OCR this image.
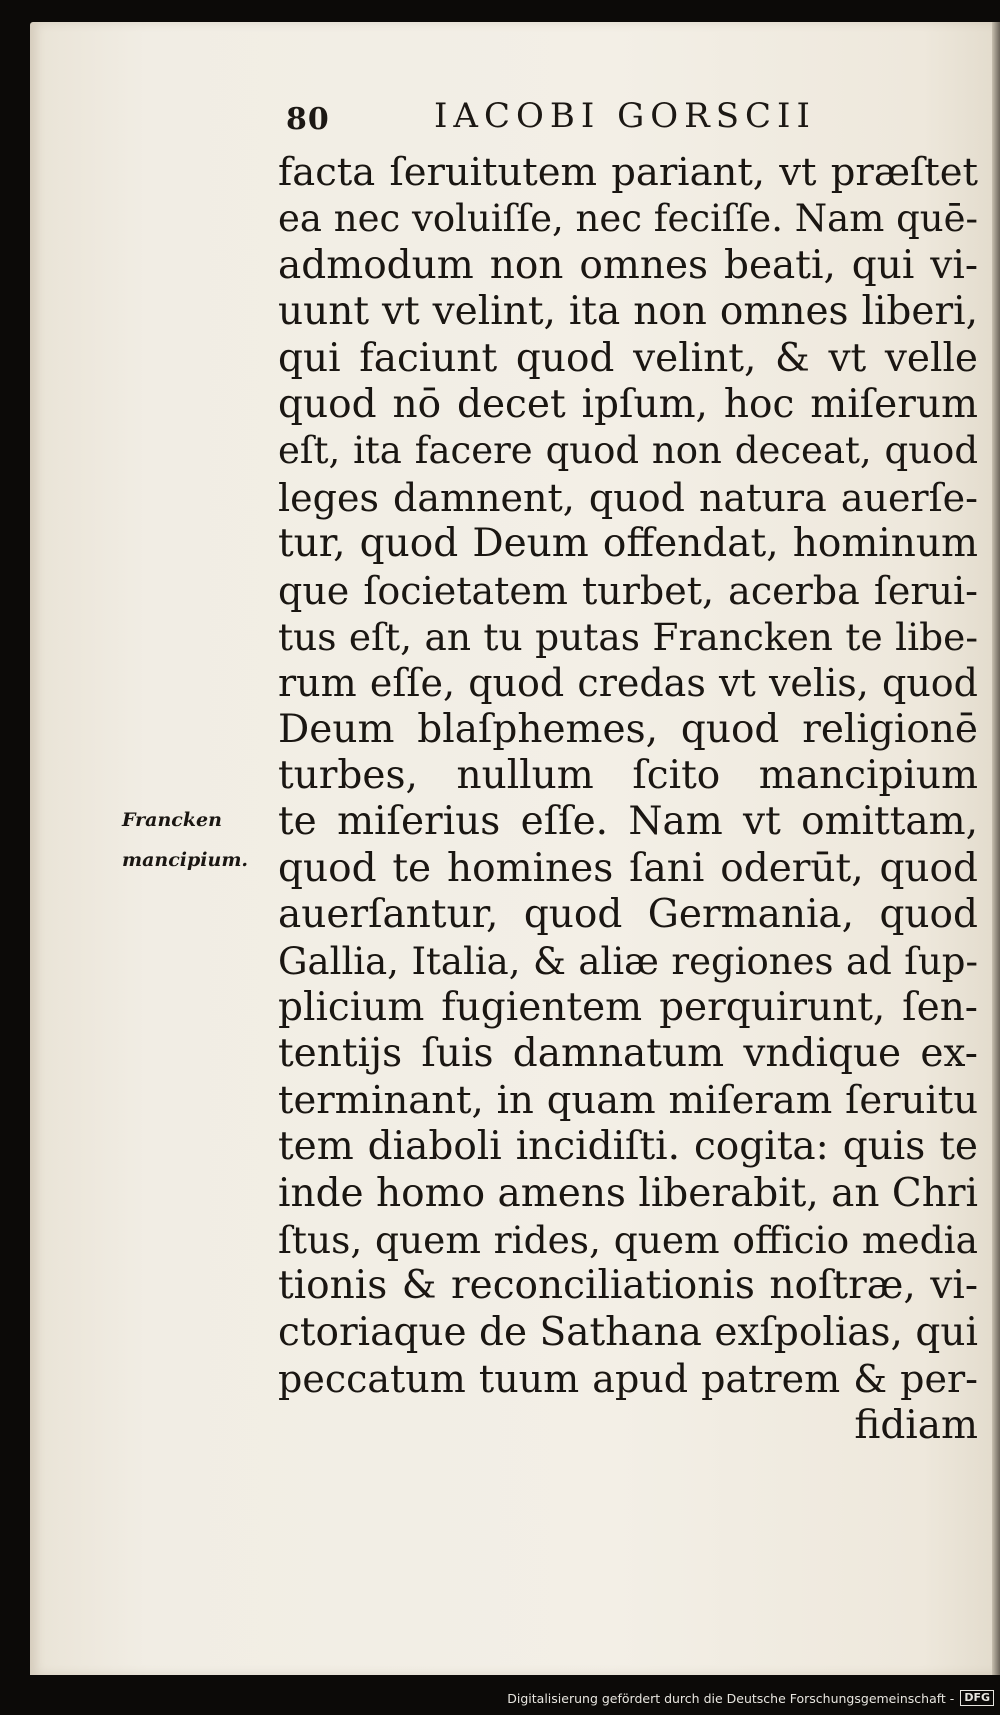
80	IACOBI GORSCII
Francken
mancipium.
facta ſeruitutem pariant, vt præſtet
ea nec voluiſſe, nec feciſſe. Nam quē-
admodum non omnes beati, qui vi-
uunt vt velint, ita non omnes liberi,
qui faciunt quod velint, & vt velle
quod nō decet ipſum, hoc miſerum
eſt, ita facere quod non deceat, quod
leges damnent, quod natura auerſe-
tur, quod Deum offendat, hominum
que ſocietatem turbet, acerba ſerui-
tus eſt, an tu putas Francken te libe-
rum eſſe, quod credas vt velis, quod
Deum blaſphemes, quod religionē
turbes, nullum ſcito mancipium
te miſerius eſſe. Nam vt omittam,
quod te homines ſani oderūt, quod
auerſantur, quod Germania, quod
Gallia, Italia, & aliæ regiones ad ſup-
plicium fugientem perquirunt, ſen-
tentijs ſuis damnatum vndique ex-
terminant, in quam miſeram ſeruitu
tem diaboli incidiſti. cogita: quis te
inde homo amens liberabit, an Chri
ſtus, quem rides, quem officio media
tionis & reconciliationis noſtræ, vi-
ctoriaque de Sathana exſpolias, qui
peccatum tuum apud patrem & per-
fidiam
Digitalisierung gefördert durch die Deutsche Forschungsgemeinschaft - DFG
